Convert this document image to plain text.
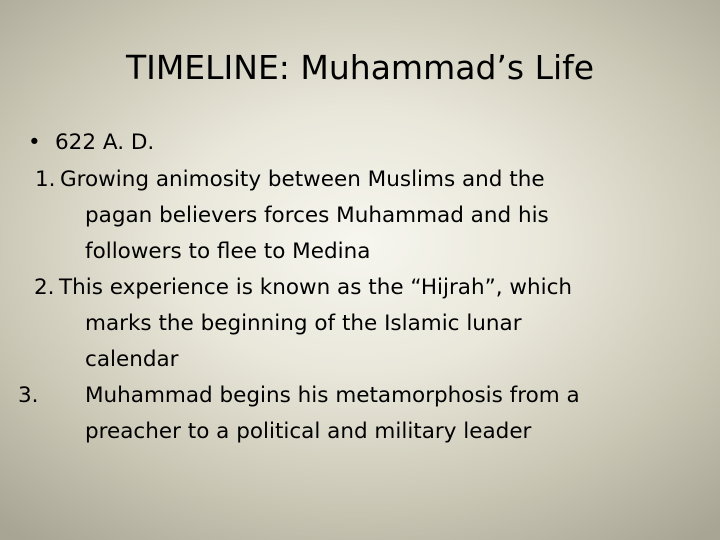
TIMELINE: Muhammad’s Life
• 622 A. D.
1. Growing animosity between Muslims and the
pagan believers forces Muhammad and his
followers to flee to Medina
2. This experience is known as the “Hijrah”, which
marks the beginning of the Islamic lunar
calendar
3. Muhammad begins his metamorphosis from a
preacher to a political and military leader
